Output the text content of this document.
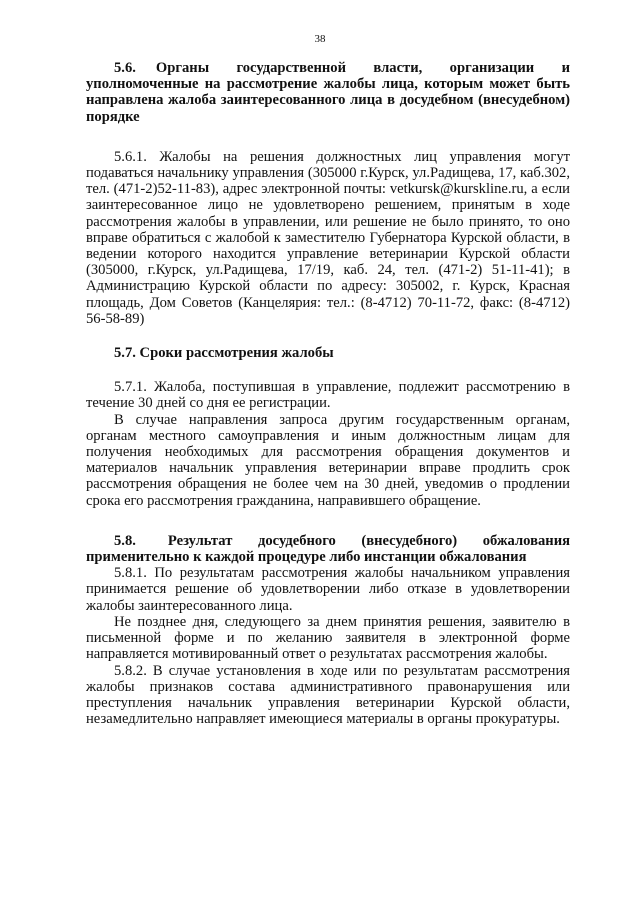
38
5.6. Органы государственной власти, организации и уполномоченные на рассмотрение жалобы лица, которым может быть направлена жалоба заинтересованного лица в досудебном (внесудебном) порядке

5.6.1. Жалобы на решения должностных лиц управления могут подаваться начальнику управления (305000 г.Курск, ул.Радищева, 17, каб.302, тел. (471-2)52-11-83), адрес электронной почты: vetkursk@kurskline.ru, а если заинтересованное лицо не удовлетворено решением, принятым в ходе рассмотрения жалобы в управлении, или решение не было принято, то оно вправе обратиться с жалобой к заместителю Губернатора Курской области, в ведении которого находится управление ветеринарии Курской области (305000, г.Курск, ул.Радищева, 17/19, каб. 24, тел. (471-2) 51-11-41); в Администрацию Курской области по адресу: 305002, г. Курск, Красная площадь, Дом Советов (Канцелярия: тел.: (8-4712) 70-11-72, факс: (8-4712) 56-58-89)

5.7. Сроки рассмотрения жалобы

5.7.1. Жалоба, поступившая в управление, подлежит рассмотрению в течение 30 дней со дня ее регистрации.

В случае направления запроса другим государственным органам, органам местного самоуправления и иным должностным лицам для получения необходимых для рассмотрения обращения документов и материалов начальник управления ветеринарии вправе продлить срок рассмотрения обращения не более чем на 30 дней, уведомив о продлении срока его рассмотрения гражданина, направившего обращение.

5.8. Результат досудебного (внесудебного) обжалования применительно к каждой процедуре либо инстанции обжалования

5.8.1. По результатам рассмотрения жалобы начальником управления принимается решение об удовлетворении либо отказе в удовлетворении жалобы заинтересованного лица.

Не позднее дня, следующего за днем принятия решения, заявителю в письменной форме и по желанию заявителя в электронной форме направляется мотивированный ответ о результатах рассмотрения жалобы.

5.8.2. В случае установления в ходе или по результатам рассмотрения жалобы признаков состава административного правонарушения или преступления начальник управления ветеринарии Курской области, незамедлительно направляет имеющиеся материалы в органы прокуратуры.
